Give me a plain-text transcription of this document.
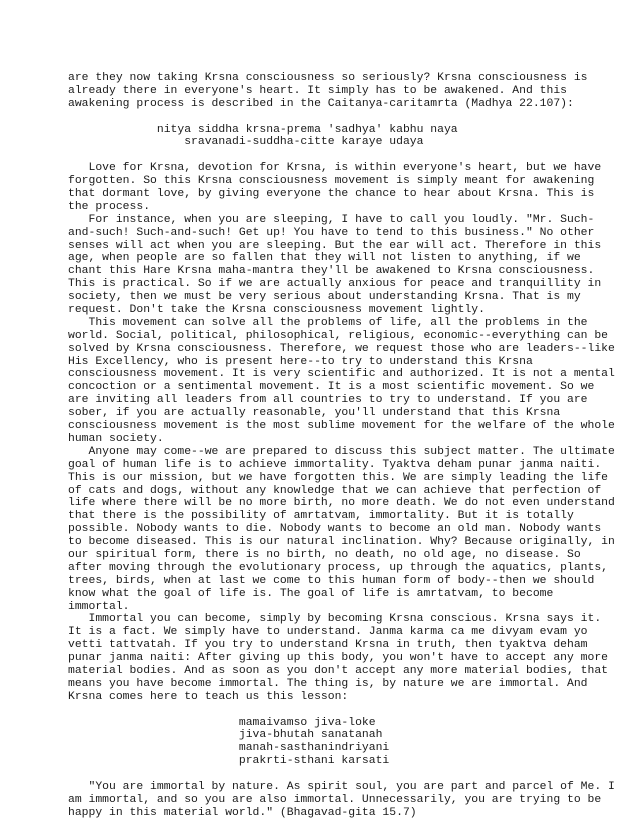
are they now taking Krsna consciousness so seriously? Krsna consciousness is
already there in everyone's heart. It simply has to be awakened. And this
awakening process is described in the Caitanya-caritamrta (Madhya 22.107):
nitya siddha krsna-prema 'sadhya' kabhu naya
sravanadi-suddha-citte karaye udaya
Love for Krsna, devotion for Krsna, is within everyone's heart, but we have
forgotten. So this Krsna consciousness movement is simply meant for awakening
that dormant love, by giving everyone the chance to hear about Krsna. This is
the process.
For instance, when you are sleeping, I have to call you loudly. "Mr. Such-
and-such! Such-and-such! Get up! You have to tend to this business." No other
senses will act when you are sleeping. But the ear will act. Therefore in this
age, when people are so fallen that they will not listen to anything, if we
chant this Hare Krsna maha-mantra they'll be awakened to Krsna consciousness.
This is practical. So if we are actually anxious for peace and tranquillity in
society, then we must be very serious about understanding Krsna. That is my
request. Don't take the Krsna consciousness movement lightly.
This movement can solve all the problems of life, all the problems in the
world. Social, political, philosophical, religious, economic--everything can be
solved by Krsna consciousness. Therefore, we request those who are leaders--like
His Excellency, who is present here--to try to understand this Krsna
consciousness movement. It is very scientific and authorized. It is not a mental
concoction or a sentimental movement. It is a most scientific movement. So we
are inviting all leaders from all countries to try to understand. If you are
sober, if you are actually reasonable, you'll understand that this Krsna
consciousness movement is the most sublime movement for the welfare of the whole
human society.
Anyone may come--we are prepared to discuss this subject matter. The ultimate
goal of human life is to achieve immortality. Tyaktva deham punar janma naiti.
This is our mission, but we have forgotten this. We are simply leading the life
of cats and dogs, without any knowledge that we can achieve that perfection of
life where there will be no more birth, no more death. We do not even understand
that there is the possibility of amrtatvam, immortality. But it is totally
possible. Nobody wants to die. Nobody wants to become an old man. Nobody wants
to become diseased. This is our natural inclination. Why? Because originally, in
our spiritual form, there is no birth, no death, no old age, no disease. So
after moving through the evolutionary process, up through the aquatics, plants,
trees, birds, when at last we come to this human form of body--then we should
know what the goal of life is. The goal of life is amrtatvam, to become
immortal.
Immortal you can become, simply by becoming Krsna conscious. Krsna says it.
It is a fact. We simply have to understand. Janma karma ca me divyam evam yo
vetti tattvatah. If you try to understand Krsna in truth, then tyaktva deham
punar janma naiti: After giving up this body, you won't have to accept any more
material bodies. And as soon as you don't accept any more material bodies, that
means you have become immortal. The thing is, by nature we are immortal. And
Krsna comes here to teach us this lesson:
mamaivamso jiva-loke
jiva-bhutah sanatanah
manah-sasthanindriyani
prakrti-sthani karsati
"You are immortal by nature. As spirit soul, you are part and parcel of Me. I
am immortal, and so you are also immortal. Unnecessarily, you are trying to be
happy in this material world." (Bhagavad-gita 15.7)
